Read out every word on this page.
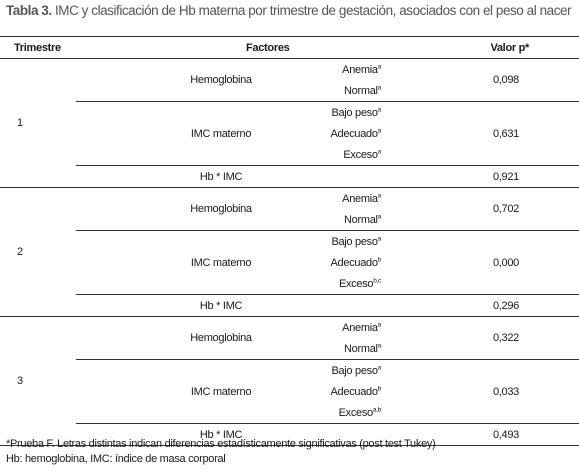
Tabla 3. IMC y clasificación de Hb materna por trimestre de gestación, asociados con el peso al nacer
Trimestre	Factores		Valor p*
1	Hemoglobina	Anemia$^a$	0,098
		Normal$^a$
	IMC materno	Bajo peso$^a$	0,631
		Adecuado$^a$
		Exceso$^a$
	Hb * IMC		0,921
2	Hemoglobina	Anemia$^a$	0,702
		Normal$^a$
	IMC materno	Bajo peso$^a$	0,000
		Adecuado$^b$
		Exceso$^{b,c}$
	Hb * IMC		0,296
3	Hemoglobina	Anemia$^a$	0,322
		Normal$^a$
	IMC materno	Bajo peso$^a$	0,033
		Adecuado$^b$
		Exceso$^{a,b}$
	Hb * IMC		0,493
*Prueba F. Letras distintas indican diferencias estadísticamente significativas (post test Tukey)
Hb: hemoglobina, IMC: índice de masa corporal
